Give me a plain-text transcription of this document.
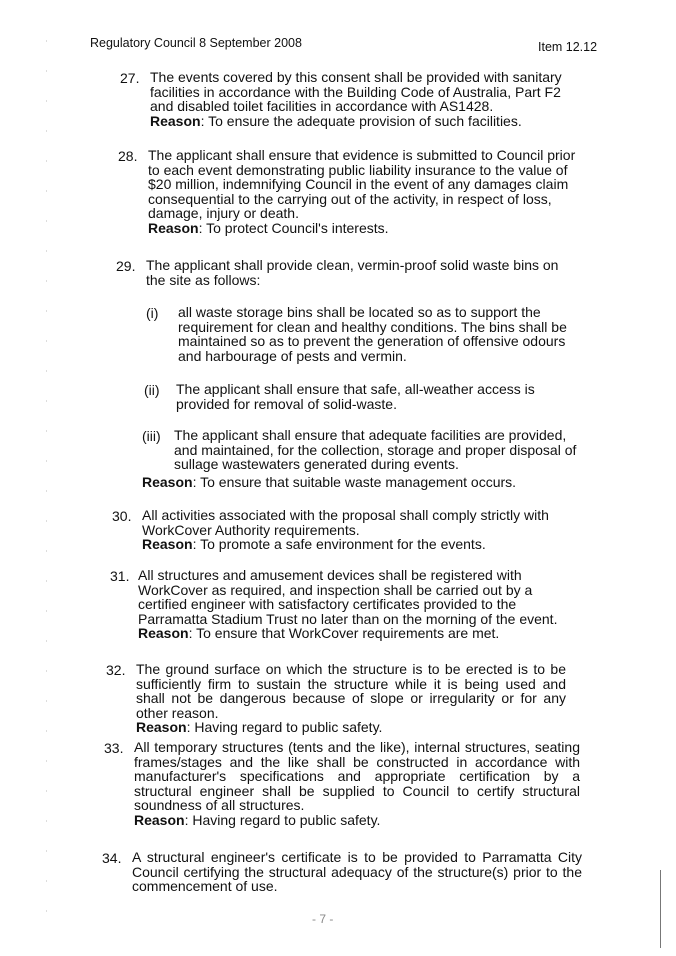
Regulatory Council 8 September 2008	Item 12.12
27. The events covered by this consent shall be provided with sanitary facilities in accordance with the Building Code of Australia, Part F2 and disabled toilet facilities in accordance with AS1428.
Reason: To ensure the adequate provision of such facilities.
28. The applicant shall ensure that evidence is submitted to Council prior to each event demonstrating public liability insurance to the value of $20 million, indemnifying Council in the event of any damages claim consequential to the carrying out of the activity, in respect of loss, damage, injury or death.
Reason: To protect Council's interests.
29. The applicant shall provide clean, vermin-proof solid waste bins on the site as follows:
(i) all waste storage bins shall be located so as to support the requirement for clean and healthy conditions. The bins shall be maintained so as to prevent the generation of offensive odours and harbourage of pests and vermin.
(ii) The applicant shall ensure that safe, all-weather access is provided for removal of solid-waste.
(iii) The applicant shall ensure that adequate facilities are provided, and maintained, for the collection, storage and proper disposal of sullage wastewaters generated during events.
Reason: To ensure that suitable waste management occurs.
30. All activities associated with the proposal shall comply strictly with WorkCover Authority requirements.
Reason: To promote a safe environment for the events.
31. All structures and amusement devices shall be registered with WorkCover as required, and inspection shall be carried out by a certified engineer with satisfactory certificates provided to the Parramatta Stadium Trust no later than on the morning of the event.
Reason: To ensure that WorkCover requirements are met.
32. The ground surface on which the structure is to be erected is to be sufficiently firm to sustain the structure while it is being used and shall not be dangerous because of slope or irregularity or for any other reason.
Reason: Having regard to public safety.
33. All temporary structures (tents and the like), internal structures, seating frames/stages and the like shall be constructed in accordance with manufacturer's specifications and appropriate certification by a structural engineer shall be supplied to Council to certify structural soundness of all structures.
Reason: Having regard to public safety.
34. A structural engineer's certificate is to be provided to Parramatta City Council certifying the structural adequacy of the structure(s) prior to the commencement of use.
- 7 -
